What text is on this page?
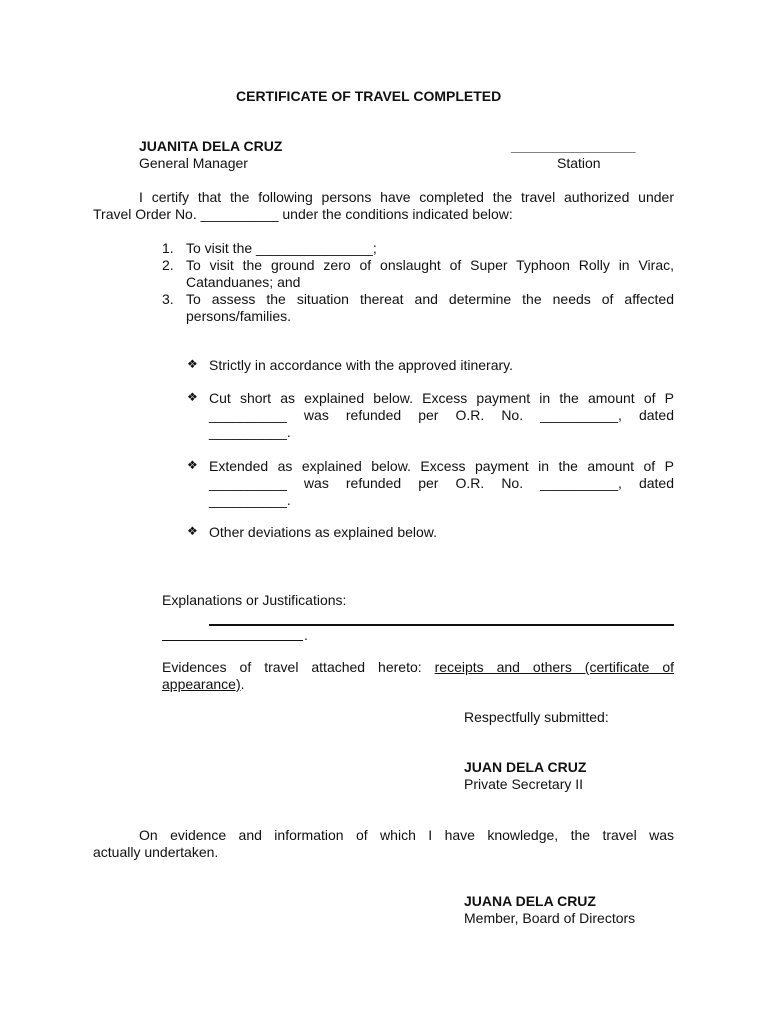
CERTIFICATE OF TRAVEL COMPLETED
JUANITA DELA CRUZ
General Manager
________________
Station
I certify that the following persons have completed the travel authorized under
Travel Order No. __________ under the conditions indicated below:
1. To visit the _______________;
2. To visit the ground zero of onslaught of Super Typhoon Rolly in Virac,
Catanduanes; and
3. To assess the situation thereat and determine the needs of affected
persons/families.
❖ Strictly in accordance with the approved itinerary.
❖ Cut short as explained below. Excess payment in the amount of P
__________ was refunded per O.R. No. __________, dated
__________.
❖ Extended as explained below. Excess payment in the amount of P
__________ was refunded per O.R. No. __________, dated
__________.
❖ Other deviations as explained below.
Explanations or Justifications:
.
Evidences of travel attached hereto: receipts and others (certificate of
appearance).
Respectfully submitted:
JUAN DELA CRUZ
Private Secretary II
On evidence and information of which I have knowledge, the travel was
actually undertaken.
JUANA DELA CRUZ
Member, Board of Directors
